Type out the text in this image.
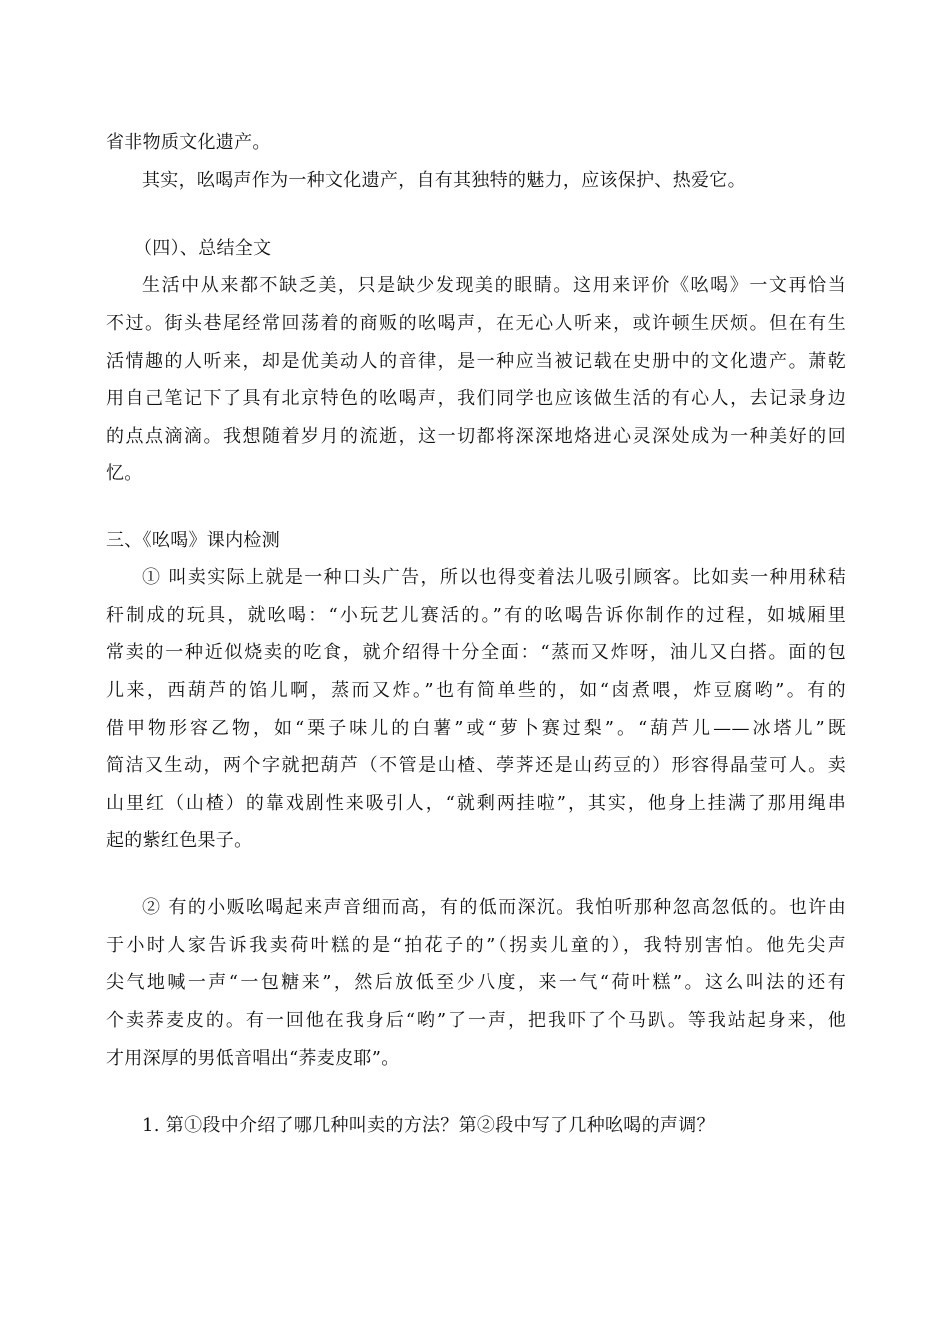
省非物质文化遗产。
其实，吆喝声作为一种文化遗产，自有其独特的魅力，应该保护、热爱它。
（四）、总结全文
生活中从来都不缺乏美，只是缺少发现美的眼睛。这用来评价《吆喝》一文再恰当
不过。街头巷尾经常回荡着的商贩的吆喝声，在无心人听来，或许顿生厌烦。但在有生
活情趣的人听来，却是优美动人的音律，是一种应当被记载在史册中的文化遗产。萧乾
用自己笔记下了具有北京特色的吆喝声，我们同学也应该做生活的有心人，去记录身边
的点点滴滴。我想随着岁月的流逝，这一切都将深深地烙进心灵深处成为一种美好的回
忆。
三、《吆喝》课内检测
① 叫卖实际上就是一种口头广告，所以也得变着法儿吸引顾客。比如卖一种用秫秸
秆制成的玩具，就吆喝：“小玩艺儿赛活的。”有的吆喝告诉你制作的过程，如城厢里
常卖的一种近似烧卖的吃食，就介绍得十分全面：“蒸而又炸呀，油儿又白搭。面的包
儿来，西葫芦的馅儿啊，蒸而又炸。”也有简单些的，如“卤煮喂，炸豆腐哟”。有的
借甲物形容乙物，如“栗子味儿的白薯”或“萝卜赛过梨”。“葫芦儿——冰塔儿”既
简洁又生动，两个字就把葫芦（不管是山楂、荸荠还是山药豆的）形容得晶莹可人。卖
山里红（山楂）的靠戏剧性来吸引人，“就剩两挂啦”，其实，他身上挂满了那用绳串
起的紫红色果子。
② 有的小贩吆喝起来声音细而高，有的低而深沉。我怕听那种忽高忽低的。也许由
于小时人家告诉我卖荷叶糕的是“拍花子的”（拐卖儿童的），我特别害怕。他先尖声
尖气地喊一声“一包糖来”，然后放低至少八度，来一气“荷叶糕”。这么叫法的还有
个卖荞麦皮的。有一回他在我身后“哟”了一声，把我吓了个马趴。等我站起身来，他
才用深厚的男低音唱出“荞麦皮耶”。
1. 第①段中介绍了哪几种叫卖的方法？第②段中写了几种吆喝的声调？
